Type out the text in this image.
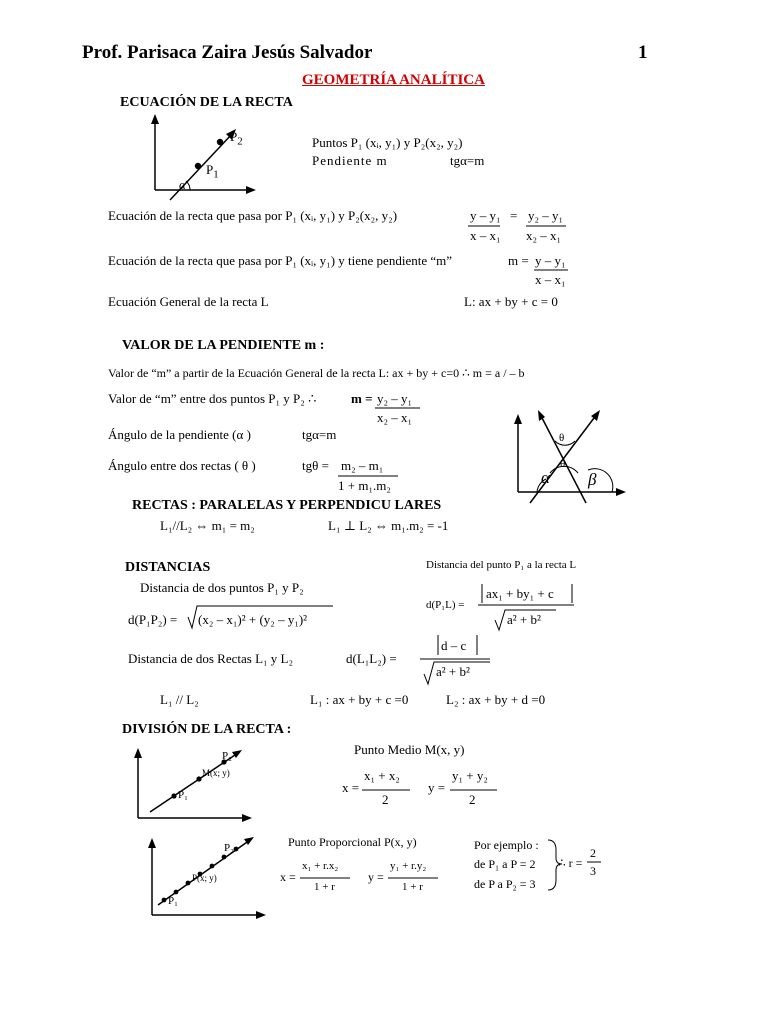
Prof. Parisaca Zaira Jesús Salvador	1
GEOMETRÍA ANALÍTICA
ECUACIÓN DE LA RECTA
$P_2$
$P_1$
α
Puntos P₁ (xᵢ, y₁) y P₂(x₂, y₂)
Pendiente m	tgα=m
Ecuación de la recta que pasa por P₁ (xᵢ, y₁) y P₂(x₂, y₂)	y – y₁ = y₂ – y₁
x – x₁ x₂ – x₁
Ecuación de la recta que pasa por P₁ (xᵢ, y₁) y tiene pendiente “m”	m = y – y₁
x – x₁
Ecuación General de la recta L	L: ax + by + c = 0
VALOR DE LA PENDIENTE m :
Valor de “m” a partir de la Ecuación General de la recta L: ax + by + c=0 ∴ m = a / – b
Valor de “m” entre dos puntos P₁ y P₂ ∴	m = y₂ – y₁
x₂ – x₁
Ángulo de la pendiente (α )	tgα=m
Ángulo entre dos rectas ( θ )	tgθ = m₂ – m₁
1 + m₁.m₂
θ
θ
α β
RECTAS : PARALELAS Y PERPENDICU LARES
L₁//L₂ ⇔ m₁ = m₂	L₁ ⊥ L₂ ⇔ m₁.m₂ = -1
DISTANCIAS
Distancia de dos puntos P₁ y P₂
d(P₁P₂) = (x₂ – x₁)² + (y₂ – y₁)²
Distancia del punto P₁ a la recta L
d(P₁L) =
ax₁ + by₁ + c
a² + b²
Distancia de dos Rectas L₁ y L₂	d(L₁L₂) =
d – c
a² + b²
L₁ // L₂	L₁ : ax + by + c =0	L₂ : ax + by + d =0
DIVISIÓN DE LA RECTA :
P₂
M(x; y)
P₁
Punto Medio M(x, y)
x =
x₁ + x₂
2
y =
y₁ + y₂
2
P₂
P(x; y)
P₁
Punto Proporcional P(x, y)
x =
x₁ + r.x₂
1 + r
y =
y₁ + r.y₂
1 + r
Por ejemplo :
de P₁ a P = 2
de P a P₂ = 3
∴ r =
2
3
